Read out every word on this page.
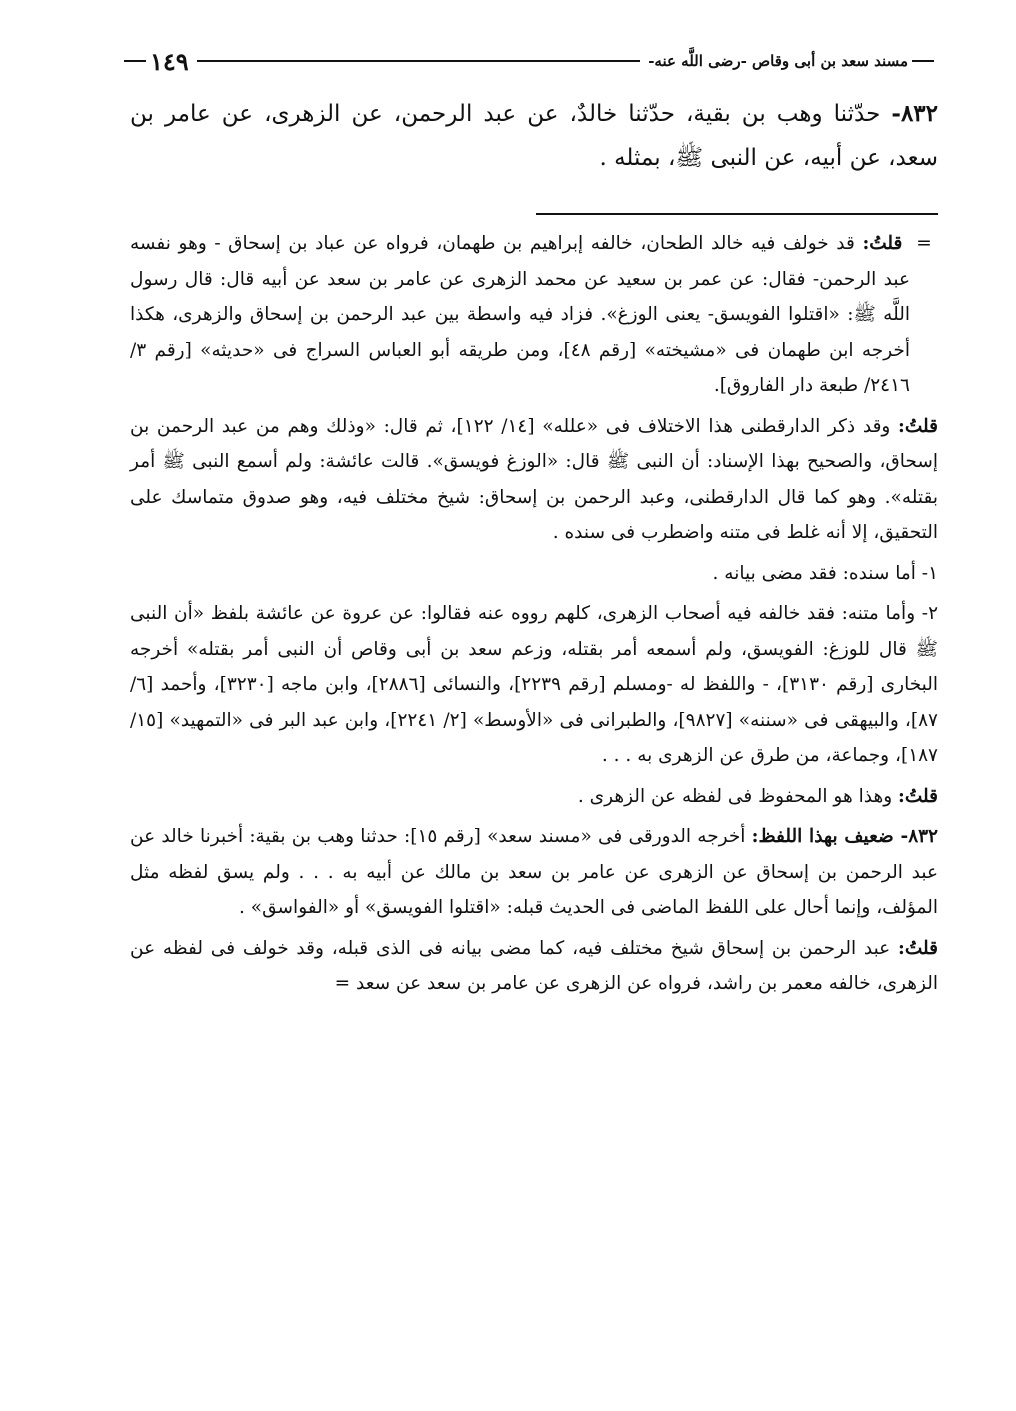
مسند سعد بن أبى وقاص -رضى اللَّه عنه-
١٤٩
٨٣٢- حدّثنا وهب بن بقية، حدّثنا خالدٌ، عن عبد الرحمن، عن الزهرى، عن عامر بن سعد، عن أبيه، عن النبى ﷺ، بمثله .

= قلتُ: قد خولف فيه خالد الطحان، خالفه إبراهيم بن طهمان، فرواه عن عباد بن إسحاق - وهو نفسه عبد الرحمن- فقال: عن عمر بن سعيد عن محمد الزهرى عن عامر بن سعد عن أبيه قال: قال رسول اللَّه ﷺ: «اقتلوا الفويسق- يعنى الوزغ». فزاد فيه واسطة بين عبد الرحمن بن إسحاق والزهرى، هكذا أخرجه ابن طهمان فى «مشيخته» [رقم ٤٨]، ومن طريقه أبو العباس السراج فى «حديثه» [رقم ٣/ ٢٤١٦/ طبعة دار الفاروق].

قلتُ: وقد ذكر الدارقطنى هذا الاختلاف فى «علله» [١٤/ ١٢٢]، ثم قال: «وذلك وهم من عبد الرحمن بن إسحاق، والصحيح بهذا الإسناد: أن النبى ﷺ قال: «الوزغ فويسق». قالت عائشة: ولم أسمع النبى ﷺ أمر بقتله». وهو كما قال الدارقطنى، وعبد الرحمن بن إسحاق: شيخ مختلف فيه، وهو صدوق متماسك على التحقيق، إلا أنه غلط فى متنه واضطرب فى سنده .

١- أما سنده: فقد مضى بيانه .

٢- وأما متنه: فقد خالفه فيه أصحاب الزهرى، كلهم رووه عنه فقالوا: عن عروة عن عائشة بلفظ «أن النبى ﷺ قال للوزغ: الفويسق، ولم أسمعه أمر بقتله، وزعم سعد بن أبى وقاص أن النبى أمر بقتله» أخرجه البخارى [رقم ٣١٣٠]، - واللفظ له -ومسلم [رقم ٢٢٣٩]، والنسائى [٢٨٨٦]، وابن ماجه [٣٢٣٠]، وأحمد [٦/ ٨٧]، والبيهقى فى «سننه» [٩٨٢٧]، والطبرانى فى «الأوسط» [٢/ ٢٢٤١]، وابن عبد البر فى «التمهيد» [١٥/ ١٨٧]، وجماعة، من طرق عن الزهرى به . . .

قلتُ: وهذا هو المحفوظ فى لفظه عن الزهرى .

٨٣٢- ضعيف بهذا اللفظ: أخرجه الدورقى فى «مسند سعد» [رقم ١٥]: حدثنا وهب بن بقية: أخبرنا خالد عن عبد الرحمن بن إسحاق عن الزهرى عن عامر بن سعد بن مالك عن أبيه به . . . ولم يسق لفظه مثل المؤلف، وإنما أحال على اللفظ الماضى فى الحديث قبله: «اقتلوا الفويسق» أو «الفواسق» .

قلتُ: عبد الرحمن بن إسحاق شيخ مختلف فيه، كما مضى بيانه فى الذى قبله، وقد خولف فى لفظه عن الزهرى، خالفه معمر بن راشد، فرواه عن الزهرى عن عامر بن سعد عن سعد =
